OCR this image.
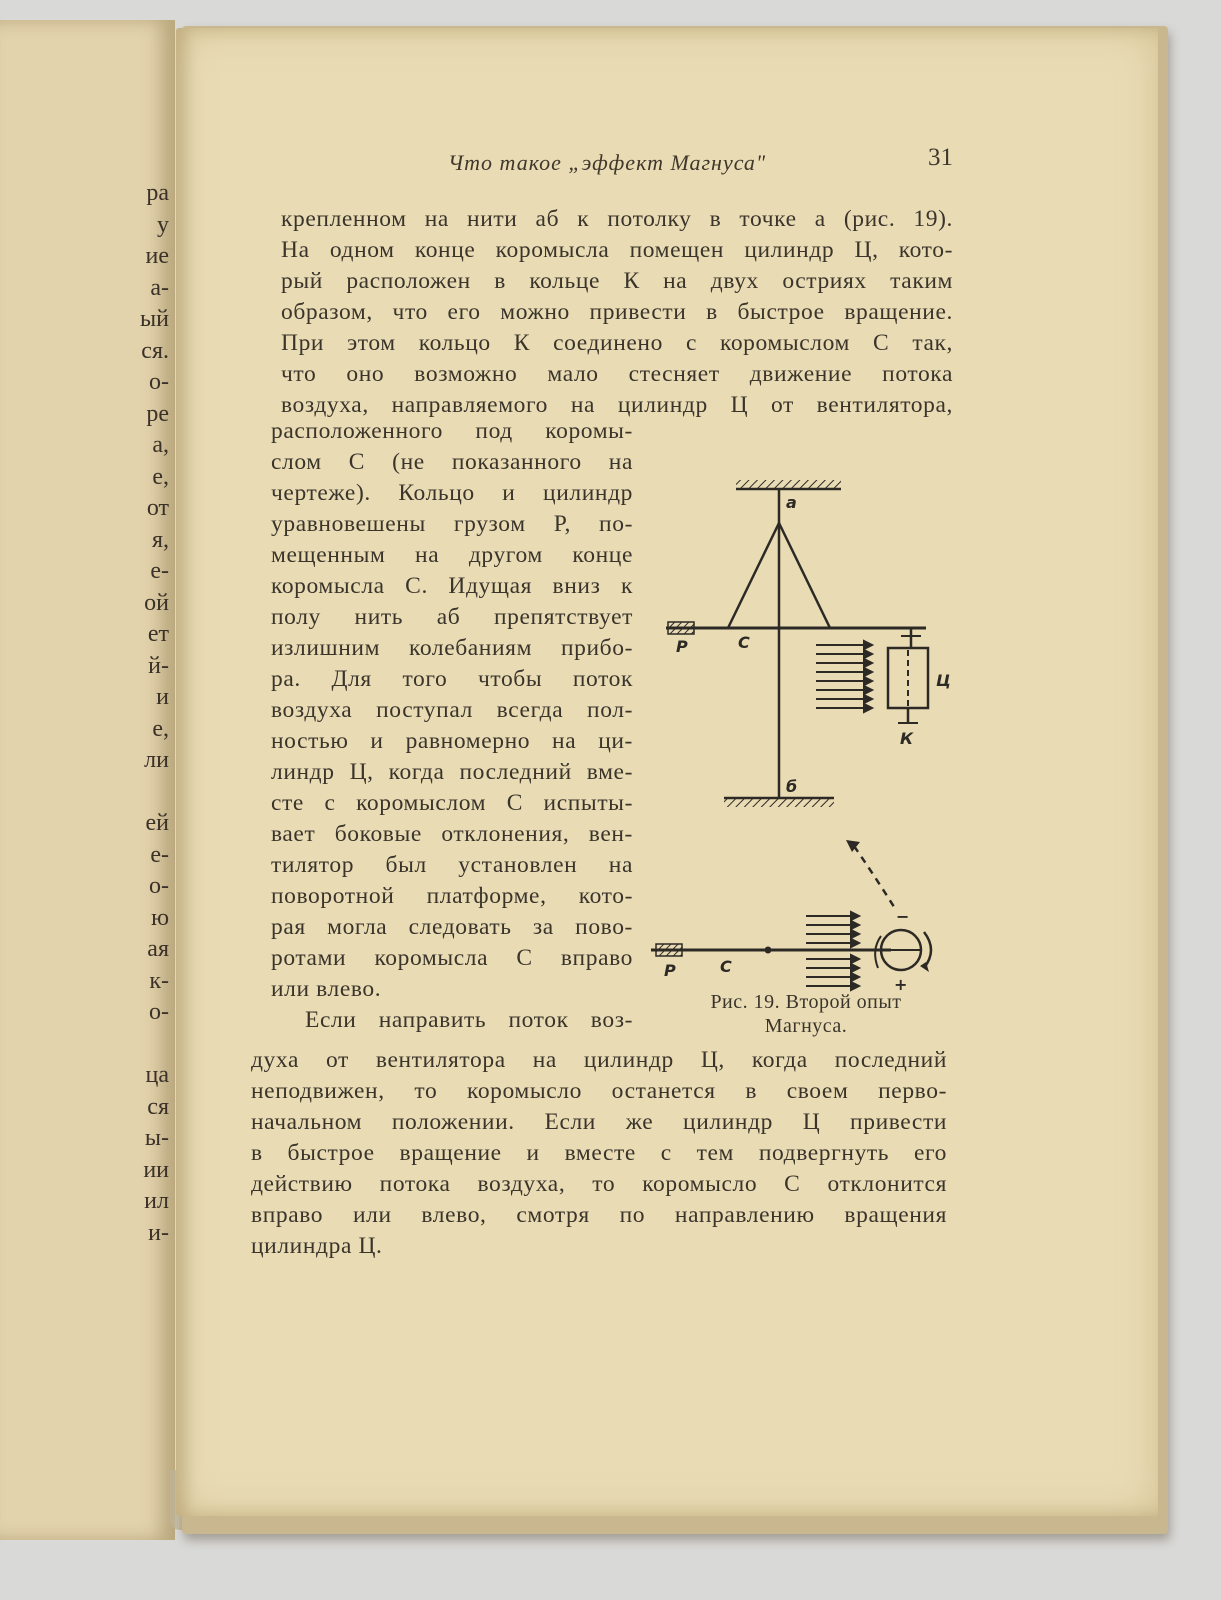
ра
у
ие
а-
ый
ся.
о-
ре
а,
е,
от
я,
е-
ой
ет
й-
и
е,
ли
ей
е-
о-
ю
ая
к-
о-
ца
ся
ы-
ии
ил
и-
Что такое „эффект Магнуса"	31
крепленном на нити аб к потолку в точке а (рис. 19).
На одном конце коромысла помещен цилиндр Ц, кото-
рый расположен в кольце К на двух остриях таким
образом, что его можно привести в быстрое вращение.
При этом кольцо К соединено с коромыслом С так,
что оно возможно мало стесняет движение потока
воздуха, направляемого на цилиндр Ц от вентилятора,
расположенного под коромы-
слом С (не показанного на
чертеже). Кольцо и цилиндр
уравновешены грузом Р, по-
мещенным на другом конце
коромысла С. Идущая вниз к
полу нить аб препятствует
излишним колебаниям прибо-
ра. Для того чтобы поток
воздуха поступал всегда пол-
ностью и равномерно на ци-
линдр Ц, когда последний вме-
сте с коромыслом С испыты-
вает боковые отклонения, вен-
тилятор был установлен на
поворотной платформе, кото-
рая могла следовать за пово-
ротами коромысла С вправо
или влево.
Если направить поток воз-
а
Р	С
Ц
К
б
Р	С
−
+
Рис. 19. Второй опыт
Магнуса.
духа от вентилятора на цилиндр Ц, когда последний
неподвижен, то коромысло останется в своем перво-
начальном положении. Если же цилиндр Ц привести
в быстрое вращение и вместе с тем подвергнуть его
действию потока воздуха, то коромысло С отклонится
вправо или влево, смотря по направлению вращения
цилиндра Ц.
